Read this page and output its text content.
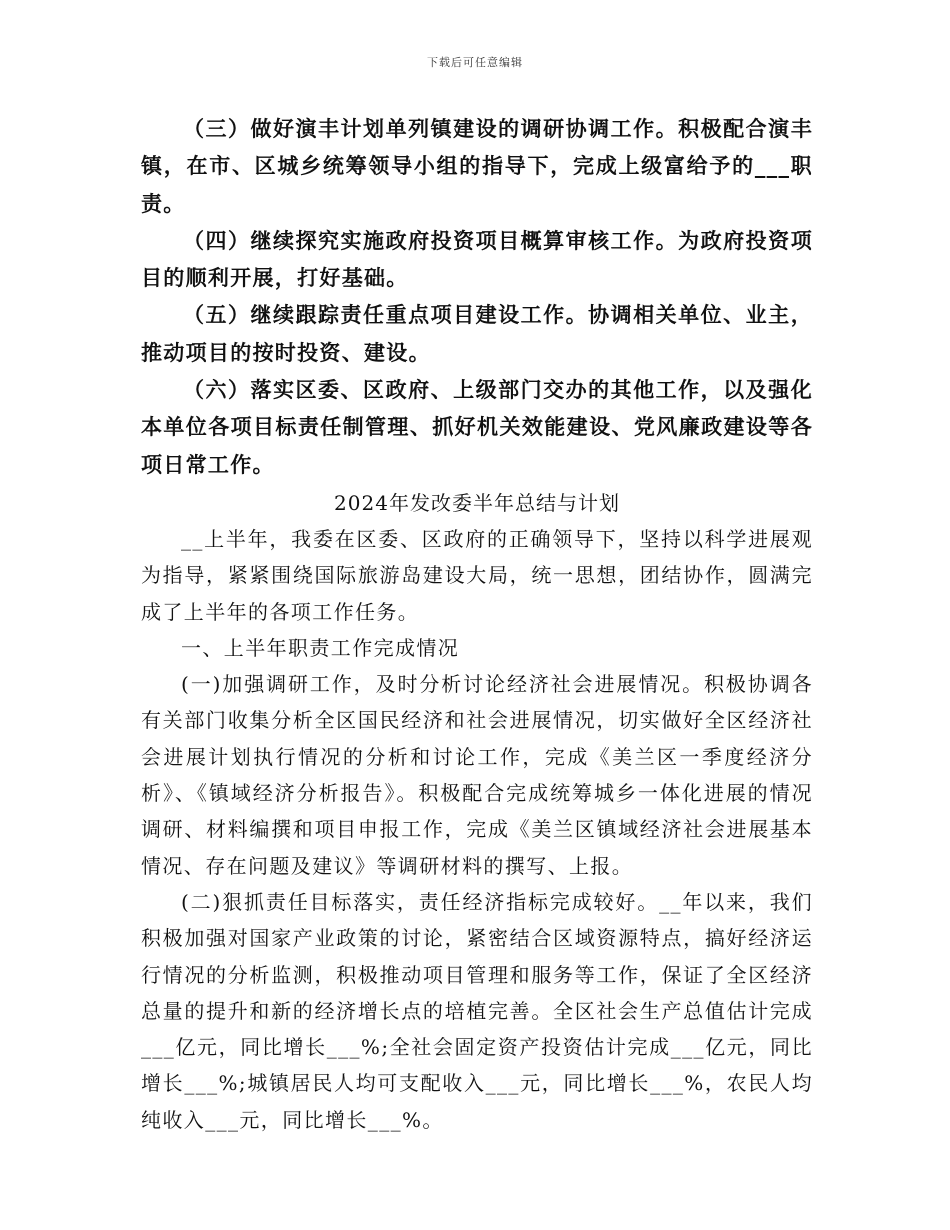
下载后可任意编辑

（三）做好演丰计划单列镇建设的调研协调工作。积极配合演丰镇，在市、区城乡统筹领导小组的指导下，完成上级富给予的___职责。

（四）继续探究实施政府投资项目概算审核工作。为政府投资项目的顺利开展，打好基础。

（五）继续跟踪责任重点项目建设工作。协调相关单位、业主，推动项目的按时投资、建设。

（六）落实区委、区政府、上级部门交办的其他工作，以及强化本单位各项目标责任制管理、抓好机关效能建设、党风廉政建设等各项日常工作。

2024年发改委半年总结与计划

__上半年，我委在区委、区政府的正确领导下，坚持以科学进展观为指导，紧紧围绕国际旅游岛建设大局，统一思想，团结协作，圆满完成了上半年的各项工作任务。

一、上半年职责工作完成情况

(一)加强调研工作，及时分析讨论经济社会进展情况。积极协调各有关部门收集分析全区国民经济和社会进展情况，切实做好全区经济社会进展计划执行情况的分析和讨论工作，完成《美兰区一季度经济分析》、《镇域经济分析报告》。积极配合完成统筹城乡一体化进展的情况调研、材料编撰和项目申报工作，完成《美兰区镇域经济社会进展基本情况、存在问题及建议》等调研材料的撰写、上报。

(二)狠抓责任目标落实，责任经济指标完成较好。__年以来，我们积极加强对国家产业政策的讨论，紧密结合区域资源特点，搞好经济运行情况的分析监测，积极推动项目管理和服务等工作，保证了全区经济总量的提升和新的经济增长点的培植完善。全区社会生产总值估计完成___亿元，同比增长___%;全社会固定资产投资估计完成___亿元，同比增长___%;城镇居民人均可支配收入___元，同比增长___%，农民人均纯收入___元，同比增长___%。
